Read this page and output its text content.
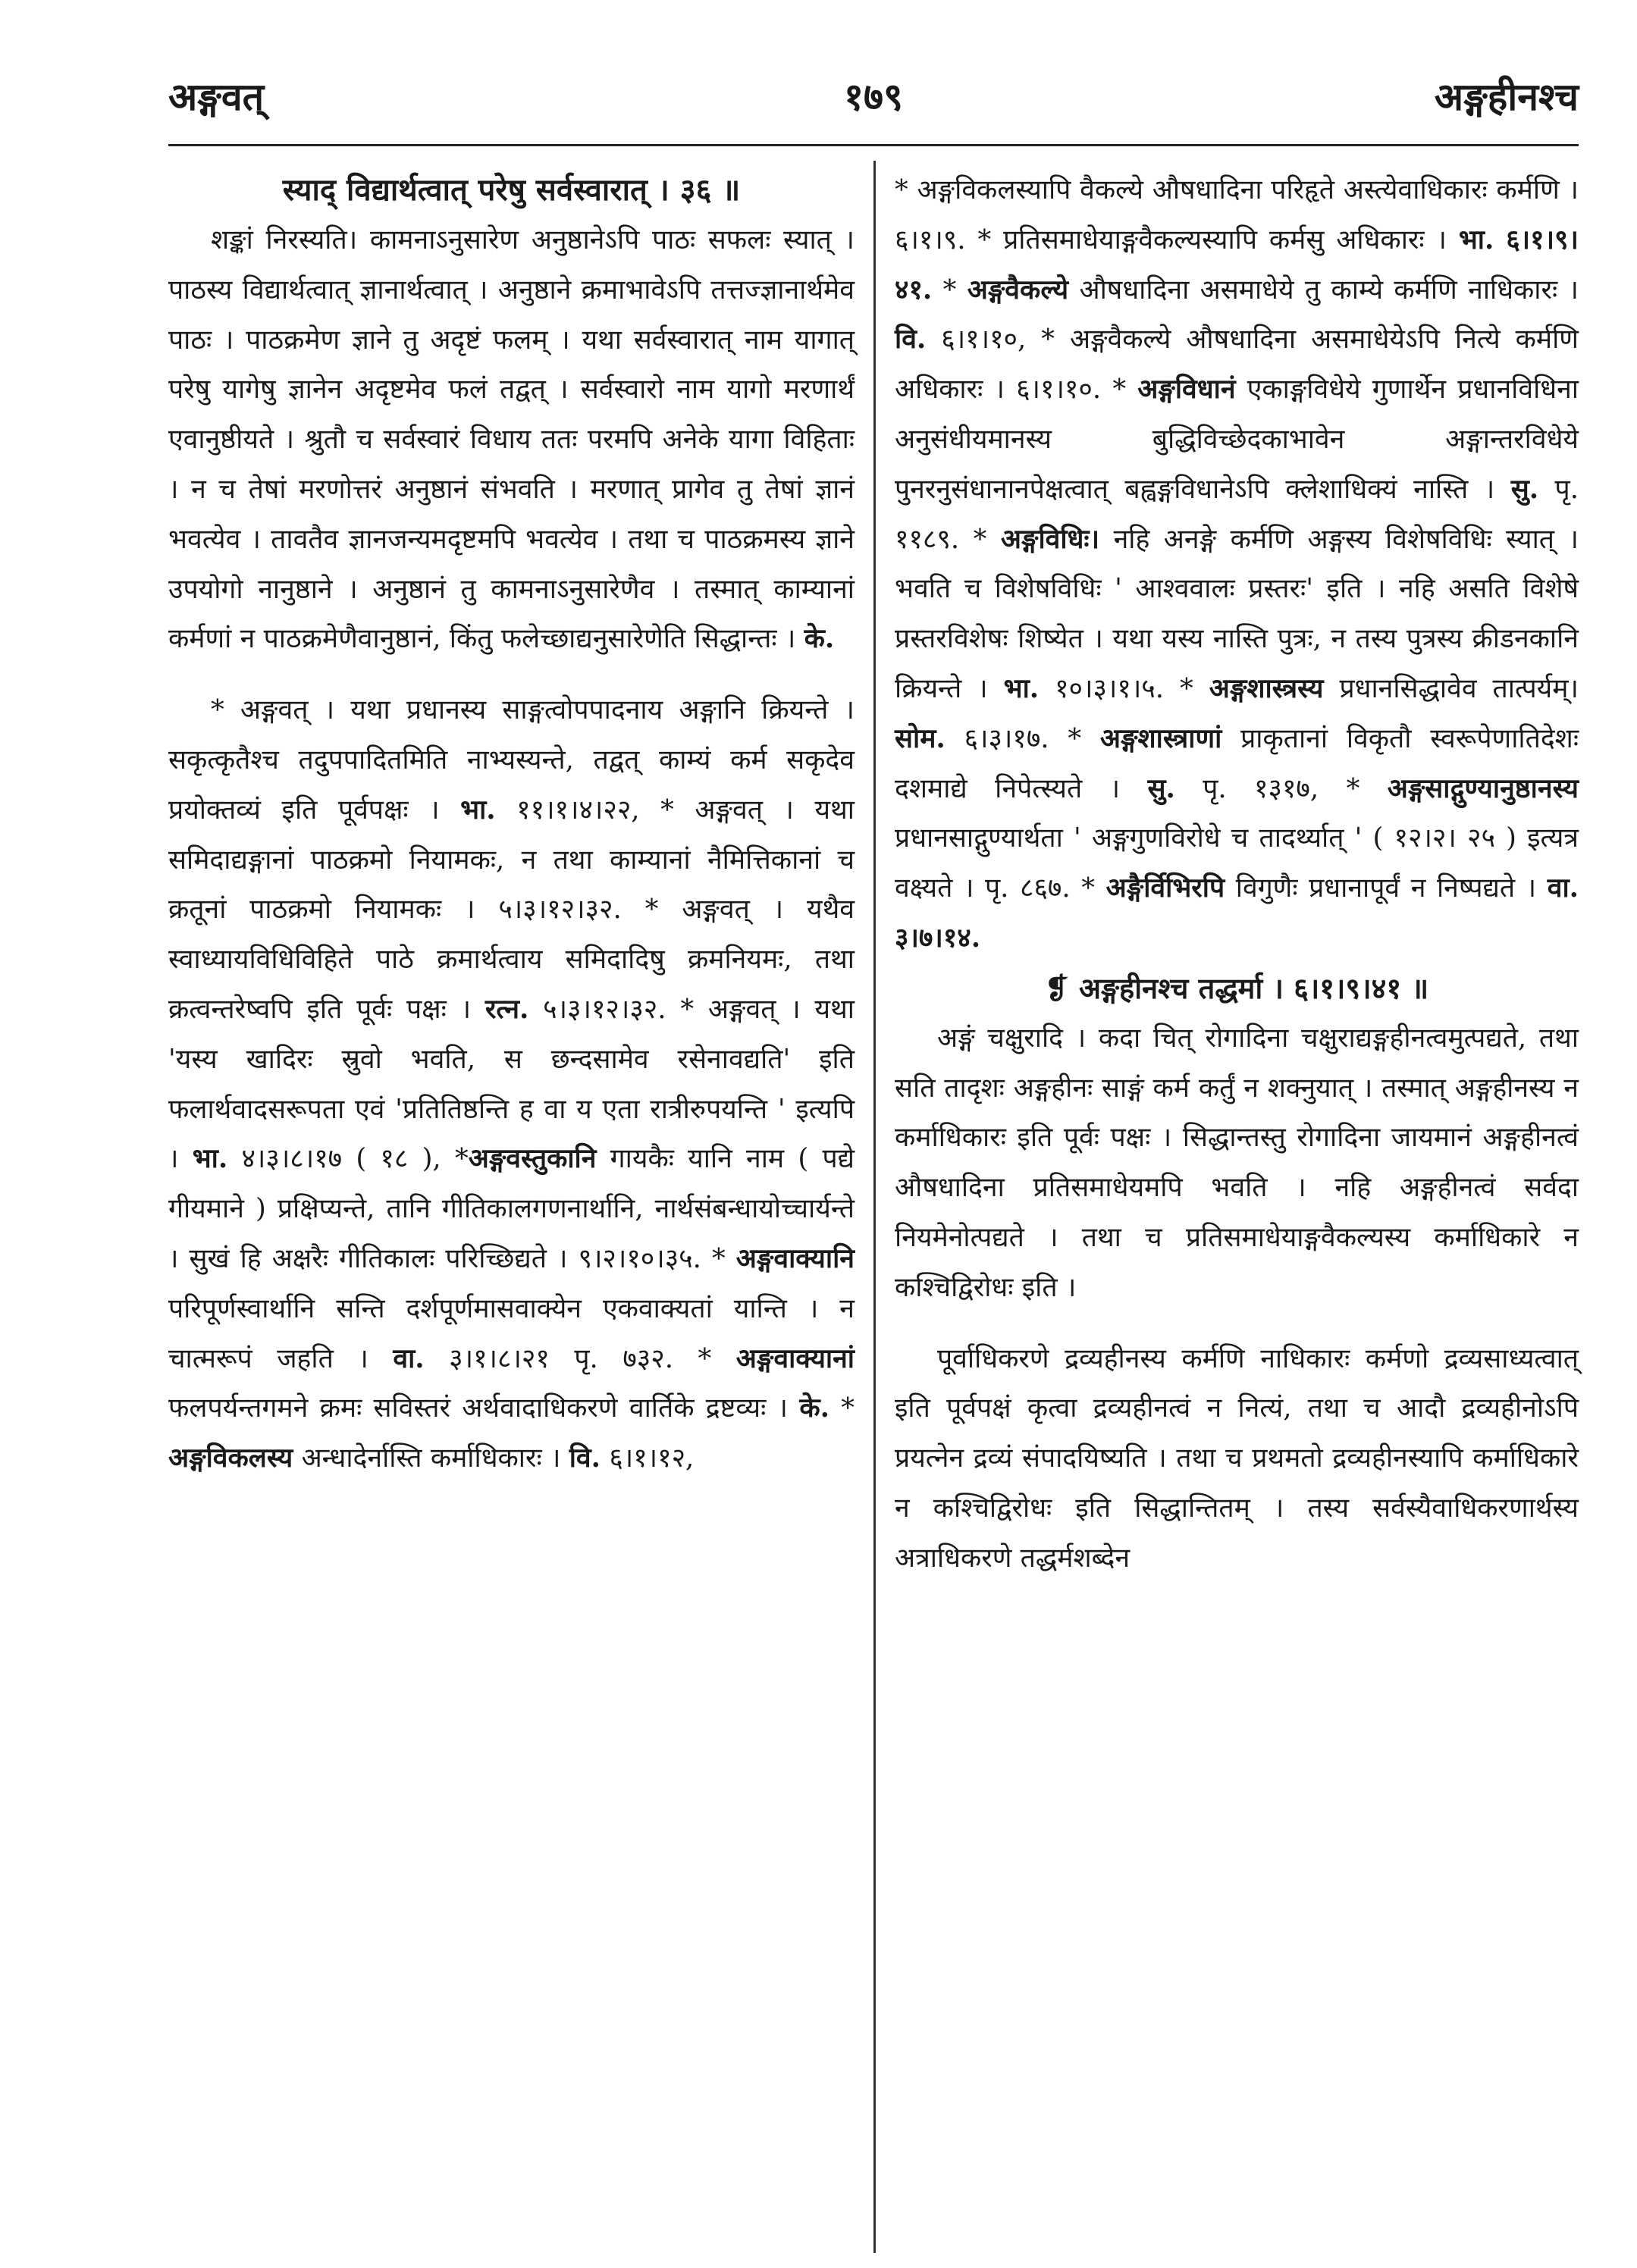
अङ्गवत्	१७९	अङ्गहीनश्च

स्याद् विद्यार्थत्वात् परेषु सर्वस्वारात् । ३६ ॥

शङ्कां निरस्यति। कामनाऽनुसारेण अनुष्ठानेऽपि पाठः सफलः स्यात् । पाठस्य विद्यार्थत्वात् ज्ञानार्थत्वात् । अनुष्ठाने क्रमाभावेऽपि तत्तज्ज्ञानार्थमेव पाठः । पाठक्रमेण ज्ञाने तु अदृष्टं फलम् । यथा सर्वस्वारात् नाम यागात् परेषु यागेषु ज्ञानेन अदृष्टमेव फलं तद्वत् । सर्वस्वारो नाम यागो मरणार्थं एवानुष्ठीयते । श्रुतौ च सर्वस्वारं विधाय ततः परमपि अनेके यागा विहिताः । न च तेषां मरणोत्तरं अनुष्ठानं संभवति । मरणात् प्रागेव तु तेषां ज्ञानं भवत्येव । तावतैव ज्ञानजन्यमदृष्टमपि भवत्येव । तथा च पाठक्रमस्य ज्ञाने उपयोगो नानुष्ठाने । अनुष्ठानं तु कामनाऽनुसारेणैव । तस्मात् काम्यानां कर्मणां न पाठक्रमेणैवानुष्ठानं, किंतु फलेच्छाद्यनुसारेणेति सिद्धान्तः । के.

* अङ्गवत् । यथा प्रधानस्य साङ्गत्वोपपादनाय अङ्गानि क्रियन्ते । सकृत्कृतैश्च तदुपपादितमिति नाभ्यस्यन्ते, तद्वत् काम्यं कर्म सकृदेव प्रयोक्तव्यं इति पूर्वपक्षः । भा. ११।१।४।२२, * अङ्गवत् । यथा समिदाद्यङ्गानां पाठक्रमो नियामकः, न तथा काम्यानां नैमित्तिकानां च क्रतूनां पाठक्रमो नियामकः । ५।३।१२।३२. * अङ्गवत् । यथैव स्वाध्यायविधिविहिते पाठे क्रमार्थत्वाय समिदादिषु क्रमनियमः, तथा क्रत्वन्तरेष्वपि इति पूर्वः पक्षः । रत्न. ५।३।१२।३२. * अङ्गवत् । यथा 'यस्य खादिरः स्रुवो भवति, स छन्दसामेव रसेनावद्यति' इति फलार्थवादसरूपता एवं 'प्रतितिष्ठन्ति ह वा य एता रात्रीरुपयन्ति ' इत्यपि । भा. ४।३।८।१७ ( १८ ), *अङ्गवस्तुकानि गायकैः यानि नाम ( पद्ये गीयमाने ) प्रक्षिप्यन्ते, तानि गीतिकालगणनार्थानि, नार्थसंबन्धायोच्चार्यन्ते । सुखं हि अक्षरैः गीतिकालः परिच्छिद्यते । ९।२।१०।३५. * अङ्गवाक्यानि परिपूर्णस्वार्थानि सन्ति दर्शपूर्णमासवाक्येन एकवाक्यतां यान्ति । न चात्मरूपं जहति । वा. ३।१।८।२१ पृ. ७३२. * अङ्गवाक्यानां फलपर्यन्तगमने क्रमः सविस्तरं अर्थवादाधिकरणे वार्तिके द्रष्टव्यः । के. * अङ्गविकलस्य अन्धादेर्नास्ति कर्माधिकारः । वि. ६।१।१२,

* अङ्गविकलस्यापि वैकल्ये औषधादिना परिहृते अस्त्येवाधिकारः कर्मणि । ६।१।९. * प्रतिसमाधेयाङ्गवैकल्यस्यापि कर्मसु अधिकारः । भा. ६।१।९।४१. * अङ्गवैकल्ये औषधादिना असमाधेये तु काम्ये कर्मणि नाधिकारः । वि. ६।१।१०, * अङ्गवैकल्ये औषधादिना असमाधेयेऽपि नित्ये कर्मणि अधिकारः । ६।१।१०. * अङ्गविधानं एकाङ्गविधेये गुणार्थेन प्रधानविधिना अनुसंधीयमानस्य बुद्धिविच्छेदकाभावेन अङ्गान्तरविधेये पुनरनुसंधानानपेक्षत्वात् बह्वङ्गविधानेऽपि क्लेशाधिक्यं नास्ति । सु. पृ. ११८९. * अङ्गविधिः। नहि अनङ्गे कर्मणि अङ्गस्य विशेषविधिः स्यात् । भवति च विशेषविधिः ' आश्ववालः प्रस्तरः' इति । नहि असति विशेषे प्रस्तरविशेषः शिष्येत । यथा यस्य नास्ति पुत्रः, न तस्य पुत्रस्य क्रीडनकानि क्रियन्ते । भा. १०।३।१।५. * अङ्गशास्त्रस्य प्रधानसिद्धावेव तात्पर्यम्। सोम. ६।३।१७. * अङ्गशास्त्राणां प्राकृतानां विकृतौ स्वरूपेणातिदेशः दशमाद्ये निपेत्स्यते । सु. पृ. १३१७, * अङ्गसाद्गुण्यानुष्ठानस्य प्रधानसाद्गुण्यार्थता ' अङ्गगुणविरोधे च तादर्थ्यात् ' ( १२।२। २५ ) इत्यत्र वक्ष्यते । पृ. ८६७. * अङ्गैर्विभिरपि विगुणैः प्रधानापूर्वं न निष्पद्यते । वा. ३।७।१४.

❡ अङ्गहीनश्च तद्धर्मा । ६।१।९।४१ ॥

अङ्गं चक्षुरादि । कदा चित् रोगादिना चक्षुराद्यङ्गहीनत्वमुत्पद्यते, तथा सति तादृशः अङ्गहीनः साङ्गं कर्म कर्तुं न शक्नुयात् । तस्मात् अङ्गहीनस्य न कर्माधिकारः इति पूर्वः पक्षः । सिद्धान्तस्तु रोगादिना जायमानं अङ्गहीनत्वं औषधादिना प्रतिसमाधेयमपि भवति । नहि अङ्गहीनत्वं सर्वदा नियमेनोत्पद्यते । तथा च प्रतिसमाधेयाङ्गवैकल्यस्य कर्माधिकारे न कश्चिद्विरोधः इति ।

पूर्वाधिकरणे द्रव्यहीनस्य कर्मणि नाधिकारः कर्मणो द्रव्यसाध्यत्वात् इति पूर्वपक्षं कृत्वा द्रव्यहीनत्वं न नित्यं, तथा च आदौ द्रव्यहीनोऽपि प्रयत्नेन द्रव्यं संपादयिष्यति । तथा च प्रथमतो द्रव्यहीनस्यापि कर्माधिकारे न कश्चिद्विरोधः इति सिद्धान्तितम् । तस्य सर्वस्यैवाधिकरणार्थस्य अत्राधिकरणे तद्धर्मशब्देन
